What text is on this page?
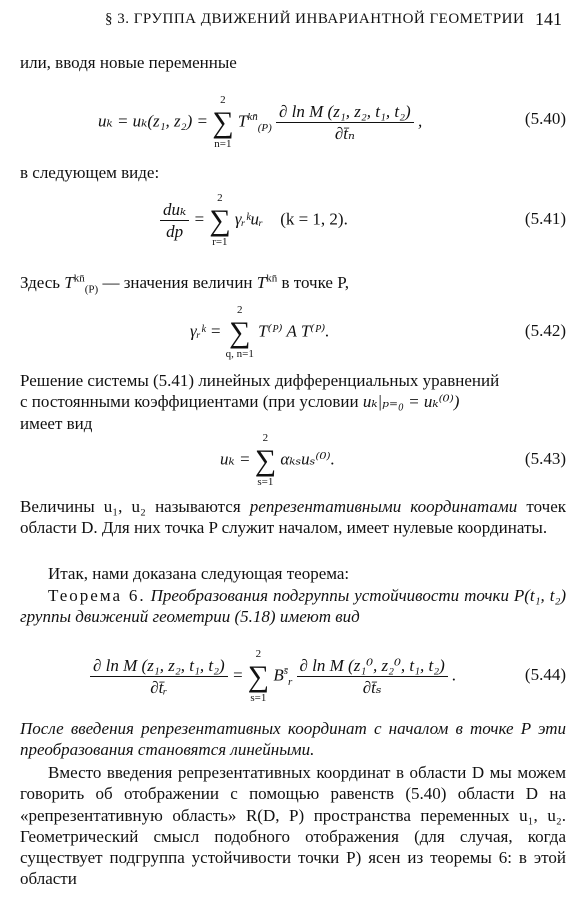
§ 3. ГРУППА ДВИЖЕНИЙ ИНВАРИАНТНОЙ ГЕОМЕТРИИ 141
или, вводя новые переменные
uₖ = uₖ(z₁, z₂) =
2
∑
n=1
$T^{kn̄}_{(P)} \frac{\text{∂ ln M (z₁, z₂, t₁, t₂)}}{\text{∂t̄ₙ}}$ ,	(5.40)
в следующем виде:
$\frac{\text{duₖ}}{dp}$ =
2
∑
r=1
γᵣᵏuᵣ (k = 1, 2).	(5.41)
Здесь $T^{kn̄}_{(P)}$ — значения величин $T^{kn̄}$ в точке P,
γᵣᵏ =
2
∑
q, n=1
T⁽ᴾ⁾ A T⁽ᴾ⁾.	(5.42)
Решение системы (5.41) линейных дифференциальных уравнений
с постоянными коэффициентами (при условии uₖ|ₚ₌₀ = uₖ⁽⁰⁾)
имеет вид
uₖ =
2
∑
s=1
αₖₛuₛ⁽⁰⁾.	(5.43)
Величины u₁, u₂ называются репрезентативными координатами точек области D. Для них точка P служит началом, имеет нулевые координаты.
Итак, нами доказана следующая теорема:
Теорема 6. Преобразования подгруппы устойчивости точки P(t₁, t₂) группы движений геометрии (5.18) имеют вид
$\frac{\text{∂ ln M (z₁, z₂, t₁, t₂)}}{\text{∂t̄ᵣ}}$ =
2
∑
s=1
$B^{s̄}_r \frac{\text{∂ ln M (z₁⁰, z₂⁰, t₁, t₂)}}{\text{∂t̄ₛ}}$ .	(5.44)
После введения репрезентативных координат с началом в точке P эти преобразования становятся линейными.
Вместо введения репрезентативных координат в области D мы можем говорить об отображении с помощью равенств (5.40) области D на «репрезентативную область» R(D, P) пространства переменных u₁, u₂. Геометрический смысл подобного отображения (для случая, когда существует подгруппа устойчивости точки P) ясен из теоремы 6: в этой области
